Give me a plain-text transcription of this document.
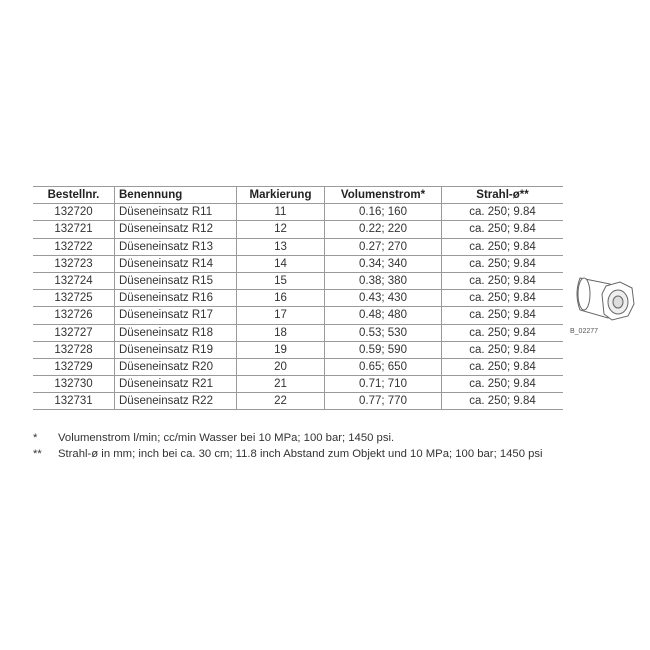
Bestellnr.	Benennung	Markierung	Volumenstrom*	Strahl-ø**
132720	Düseneinsatz R11	11	0.16; 160	ca. 250; 9.84
132721	Düseneinsatz R12	12	0.22; 220	ca. 250; 9.84
132722	Düseneinsatz R13	13	0.27; 270	ca. 250; 9.84
132723	Düseneinsatz R14	14	0.34; 340	ca. 250; 9.84
132724	Düseneinsatz R15	15	0.38; 380	ca. 250; 9.84
132725	Düseneinsatz R16	16	0.43; 430	ca. 250; 9.84
132726	Düseneinsatz R17	17	0.48; 480	ca. 250; 9.84
132727	Düseneinsatz R18	18	0.53; 530	ca. 250; 9.84
132728	Düseneinsatz R19	19	0.59; 590	ca. 250; 9.84
132729	Düseneinsatz R20	20	0.65; 650	ca. 250; 9.84
132730	Düseneinsatz R21	21	0.71; 710	ca. 250; 9.84
132731	Düseneinsatz R22	22	0.77; 770	ca. 250; 9.84
*	Volumenstrom l/min; cc/min Wasser bei 10 MPa; 100 bar; 1450 psi.
**	Strahl-ø in mm; inch bei ca. 30 cm; 11.8 inch Abstand zum Objekt und 10 MPa; 100 bar; 1450 psi
B_02277
